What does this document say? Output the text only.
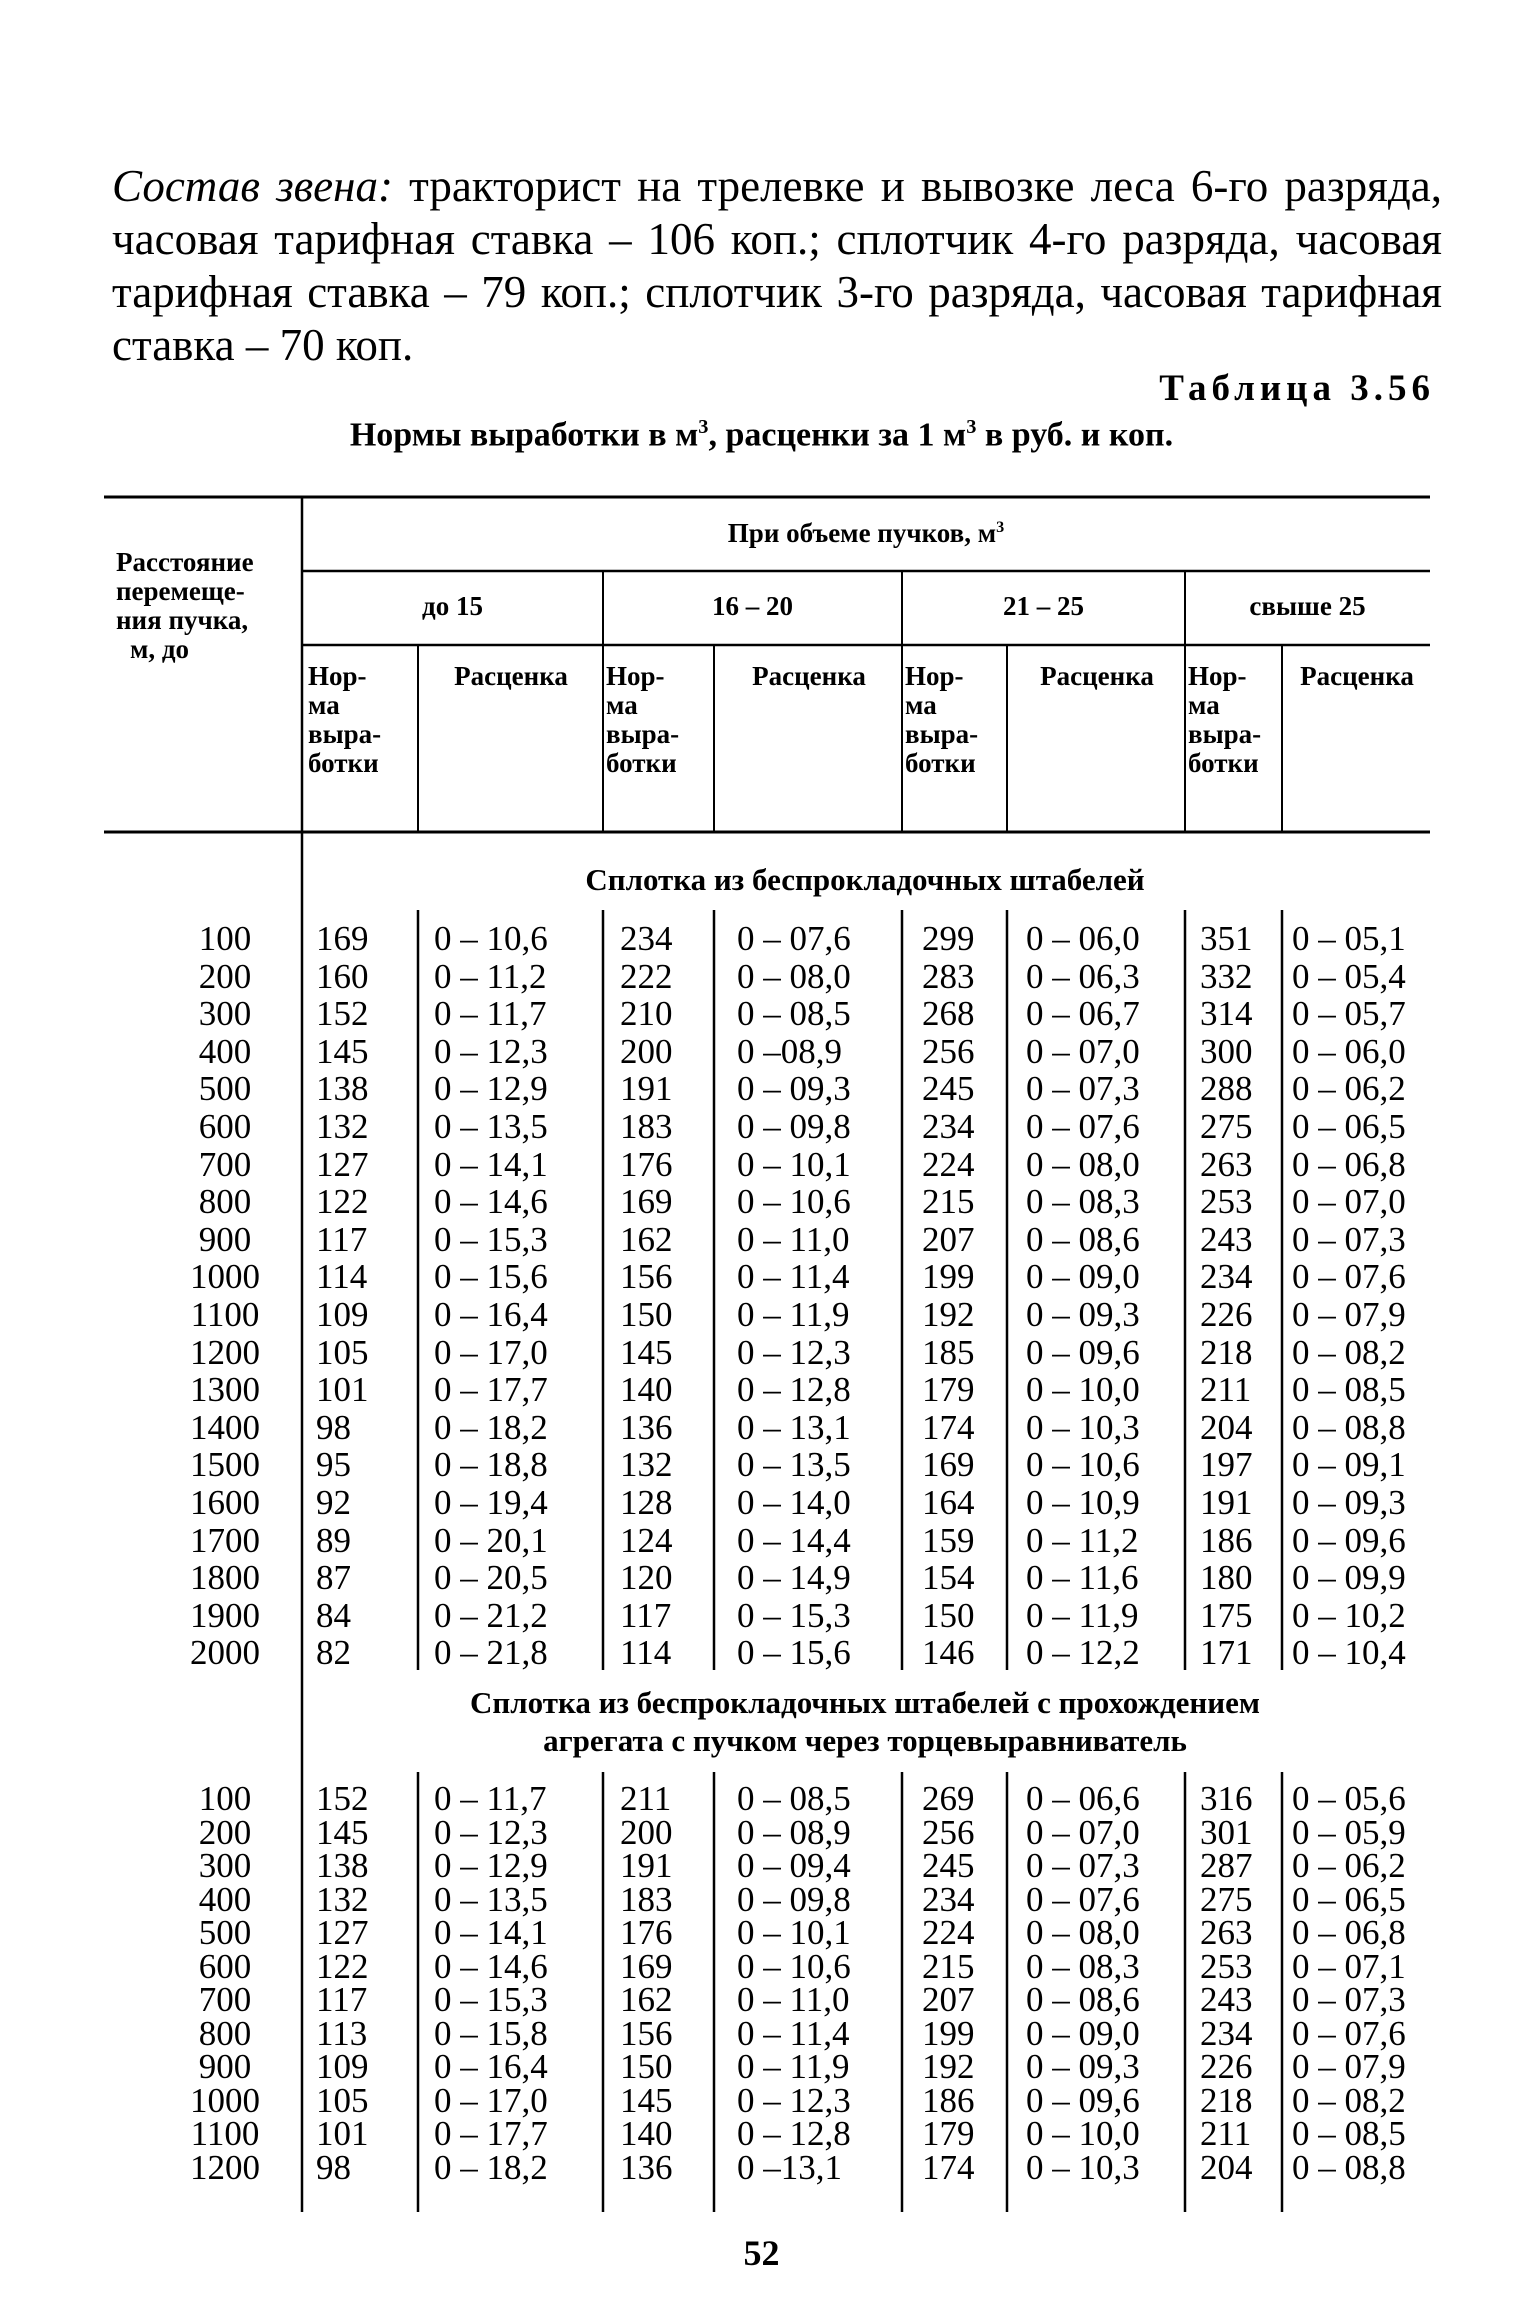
Состав звена: тракторист на трелевке и вывозке леса 6-го разряда, часовая тарифная ставка – 106 коп.; сплотчик 4-го разряда, часовая тарифная ставка – 79 коп.; сплотчик 3-го разряда, часовая тарифная ставка – 70 коп.
Таблица 3.56
Нормы выработки в $м^3$, расценки за 1 $м^3$ в руб. и коп.
Расстояние
перемеще-
ния пучка,
м, до
При объеме пучков, $м^3$
до 15	16 – 20	21 – 25	свыше 25
Нор-
ма
выра-
ботки
Расценка	Нор-
ма
выра-
ботки
Расценка	Нор-
ма
выра-
ботки
Расценка	Нор-
ма
выра-
ботки
Расценка
Сплотка из беспрокладочных штабелей
100	169	0 – 10,6	234	0 – 07,6	299	0 – 06,0	351	0 – 05,1
200	160	0 – 11,2	222	0 – 08,0	283	0 – 06,3	332	0 – 05,4
300	152	0 – 11,7	210	0 – 08,5	268	0 – 06,7	314	0 – 05,7
400	145	0 – 12,3	200	0 –08,9	256	0 – 07,0	300	0 – 06,0
500	138	0 – 12,9	191	0 – 09,3	245	0 – 07,3	288	0 – 06,2
600	132	0 – 13,5	183	0 – 09,8	234	0 – 07,6	275	0 – 06,5
700	127	0 – 14,1	176	0 – 10,1	224	0 – 08,0	263	0 – 06,8
800	122	0 – 14,6	169	0 – 10,6	215	0 – 08,3	253	0 – 07,0
900	117	0 – 15,3	162	0 – 11,0	207	0 – 08,6	243	0 – 07,3
1000	114	0 – 15,6	156	0 – 11,4	199	0 – 09,0	234	0 – 07,6
1100	109	0 – 16,4	150	0 – 11,9	192	0 – 09,3	226	0 – 07,9
1200	105	0 – 17,0	145	0 – 12,3	185	0 – 09,6	218	0 – 08,2
1300	101	0 – 17,7	140	0 – 12,8	179	0 – 10,0	211	0 – 08,5
1400	98	0 – 18,2	136	0 – 13,1	174	0 – 10,3	204	0 – 08,8
1500	95	0 – 18,8	132	0 – 13,5	169	0 – 10,6	197	0 – 09,1
1600	92	0 – 19,4	128	0 – 14,0	164	0 – 10,9	191	0 – 09,3
1700	89	0 – 20,1	124	0 – 14,4	159	0 – 11,2	186	0 – 09,6
1800	87	0 – 20,5	120	0 – 14,9	154	0 – 11,6	180	0 – 09,9
1900	84	0 – 21,2	117	0 – 15,3	150	0 – 11,9	175	0 – 10,2
2000	82	0 – 21,8	114	0 – 15,6	146	0 – 12,2	171	0 – 10,4
Сплотка из беспрокладочных штабелей с прохождением
агрегата с пучком через торцевыравниватель
100	152	0 – 11,7	211	0 – 08,5	269	0 – 06,6	316	0 – 05,6
200	145	0 – 12,3	200	0 – 08,9	256	0 – 07,0	301	0 – 05,9
300	138	0 – 12,9	191	0 – 09,4	245	0 – 07,3	287	0 – 06,2
400	132	0 – 13,5	183	0 – 09,8	234	0 – 07,6	275	0 – 06,5
500	127	0 – 14,1	176	0 – 10,1	224	0 – 08,0	263	0 – 06,8
600	122	0 – 14,6	169	0 – 10,6	215	0 – 08,3	253	0 – 07,1
700	117	0 – 15,3	162	0 – 11,0	207	0 – 08,6	243	0 – 07,3
800	113	0 – 15,8	156	0 – 11,4	199	0 – 09,0	234	0 – 07,6
900	109	0 – 16,4	150	0 – 11,9	192	0 – 09,3	226	0 – 07,9
1000	105	0 – 17,0	145	0 – 12,3	186	0 – 09,6	218	0 – 08,2
1100	101	0 – 17,7	140	0 – 12,8	179	0 – 10,0	211	0 – 08,5
1200	98	0 – 18,2	136	0 –13,1	174	0 – 10,3	204	0 – 08,8
52
